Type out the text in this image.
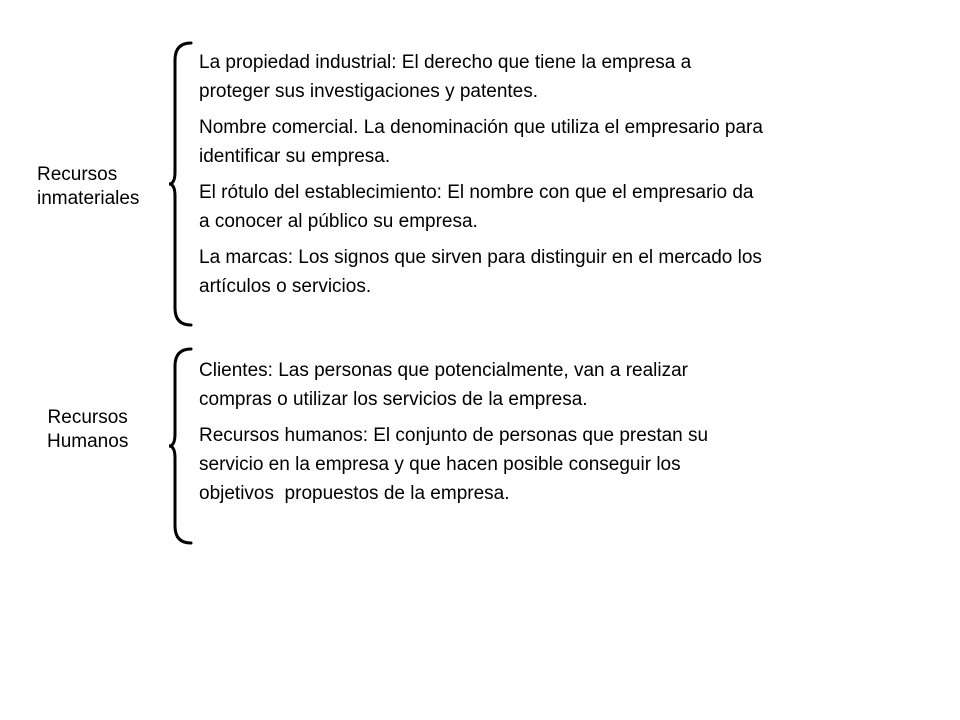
Recursos
inmateriales

La propiedad industrial: El derecho que tiene la empresa a
proteger sus investigaciones y patentes.

Nombre comercial. La denominación que utiliza el empresario para
identificar su empresa.

El rótulo del establecimiento: El nombre con que el empresario da
a conocer al público su empresa.

La marcas: Los signos que sirven para distinguir en el mercado los
artículos o servicios.

Recursos
Humanos

Clientes: Las personas que potencialmente, van a realizar
compras o utilizar los servicios de la empresa.

Recursos humanos: El conjunto de personas que prestan su
servicio en la empresa y que hacen posible conseguir los
objetivos  propuestos de la empresa.
